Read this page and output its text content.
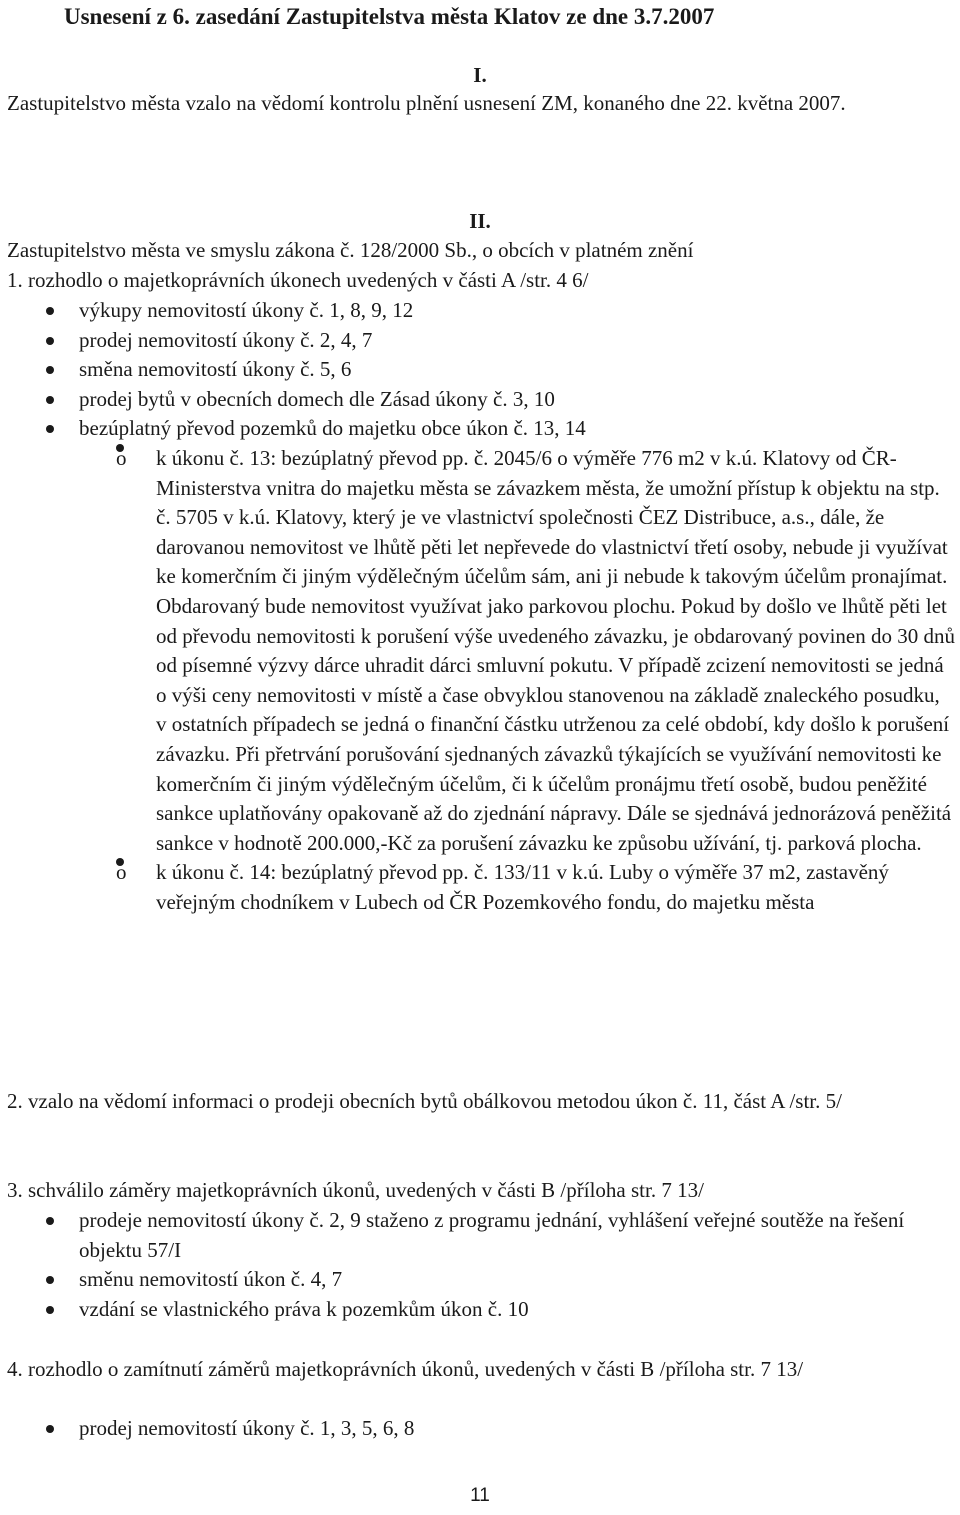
Usnesení z 6. zasedání Zastupitelstva města Klatov ze dne 3.7.2007
I.
Zastupitelstvo města vzalo na vědomí kontrolu plnění usnesení ZM, konaného dne 22. května 2007.
II.
Zastupitelstvo města ve smyslu zákona č. 128/2000 Sb., o obcích v platném znění
1. rozhodlo o majetkoprávních úkonech uvedených v části A /str. 4 6/
výkupy nemovitostí úkony č. 1, 8, 9, 12
prodej nemovitostí úkony č. 2, 4, 7
směna nemovitostí úkony č. 5, 6
prodej bytů v obecních domech dle Zásad úkony č. 3, 10
bezúplatný převod pozemků do majetku obce úkon č. 13, 14
o k úkonu č. 13: bezúplatný převod pp. č. 2045/6 o výměře 776 m2 v k.ú. Klatovy od ČR- Ministerstva vnitra do majetku města se závazkem města, že umožní přístup k objektu na stp. č. 5705 v k.ú. Klatovy, který je ve vlastnictví společnosti ČEZ Distribuce, a.s., dále, že darovanou nemovitost ve lhůtě pěti let nepřevede do vlastnictví třetí osoby, nebude ji využívat ke komerčním či jiným výdělečným účelům sám, ani ji nebude k takovým účelům pronajímat. Obdarovaný bude nemovitost využívat jako parkovou plochu. Pokud by došlo ve lhůtě pěti let od převodu nemovitosti k porušení výše uvedeného závazku, je obdarovaný povinen do 30 dnů od písemné výzvy dárce uhradit dárci smluvní pokutu. V případě zcizení nemovitosti se jedná o výši ceny nemovitosti v místě a čase obvyklou stanovenou na základě znaleckého posudku, v ostatních případech se jedná o finanční částku utrženou za celé období, kdy došlo k porušení závazku. Při přetrvání porušování sjednaných závazků týkajících se využívání nemovitosti ke komerčním či jiným výdělečným účelům, či k účelům pronájmu třetí osobě, budou peněžité sankce uplatňovány opakovaně až do zjednání nápravy. Dále se sjednává jednorázová peněžitá sankce v hodnotě 200.000,-Kč za porušení závazku ke způsobu užívání, tj. parková plocha.
o k úkonu č. 14: bezúplatný převod pp. č. 133/11 v k.ú. Luby o výměře 37 m2, zastavěný veřejným chodníkem v Lubech od ČR Pozemkového fondu, do majetku města
2. vzalo na vědomí informaci o prodeji obecních bytů obálkovou metodou úkon č. 11, část A /str. 5/
3. schválilo záměry majetkoprávních úkonů, uvedených v části B /příloha str. 7 13/
prodeje nemovitostí úkony č. 2, 9 staženo z programu jednání, vyhlášení veřejné soutěže na řešení objektu 57/I
směnu nemovitostí úkon č. 4, 7
vzdání se vlastnického práva k pozemkům úkon č. 10
4. rozhodlo o zamítnutí záměrů majetkoprávních úkonů, uvedených v části B /příloha str. 7 13/
prodej nemovitostí úkony č. 1, 3, 5, 6, 8
11
